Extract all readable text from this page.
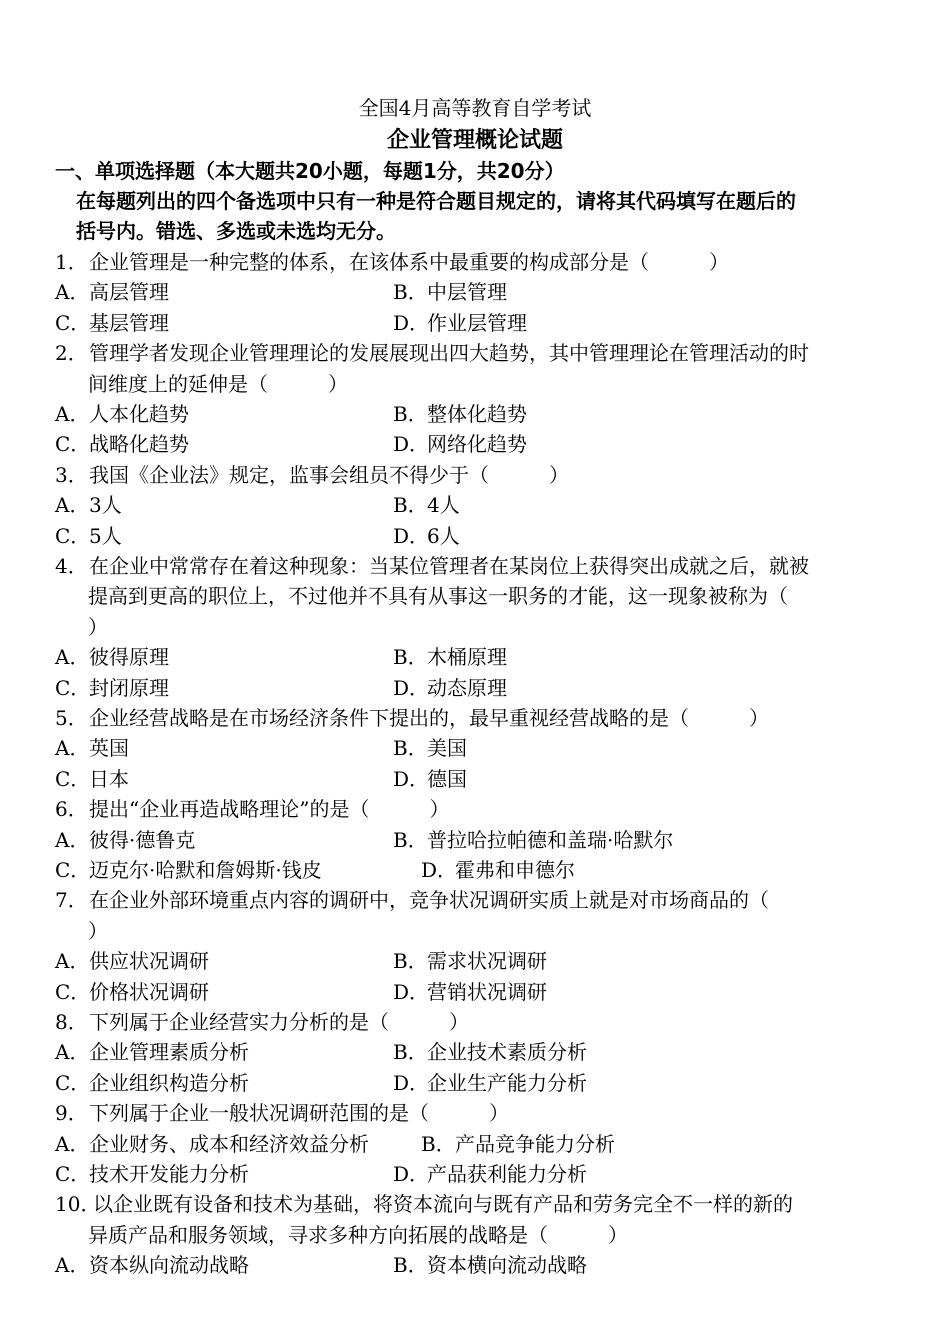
全国4月高等教育自学考试
企业管理概论试题
一、单项选择题（本大题共20小题，每题1分，共20分）
在每题列出的四个备选项中只有一种是符合题目规定的，请将其代码填写在题后的
括号内。错选、多选或未选均无分。
1．企业管理是一种完整的体系，在该体系中最重要的构成部分是（　　　）
A．高层管理	B．中层管理
C．基层管理	D．作业层管理
2．管理学者发现企业管理理论的发展展现出四大趋势，其中管理理论在管理活动的时
间维度上的延伸是（　　　）
A．人本化趋势	B．整体化趋势
C．战略化趋势	D．网络化趋势
3．我国《企业法》规定，监事会组员不得少于（　　　）
A．3人	B．4人
C．5人	D．6人
4．在企业中常常存在着这种现象：当某位管理者在某岗位上获得突出成就之后，就被
提高到更高的职位上，不过他并不具有从事这一职务的才能，这一现象被称为（
）
A．彼得原理	B．木桶原理
C．封闭原理	D．动态原理
5．企业经营战略是在市场经济条件下提出的，最早重视经营战略的是（　　　）
A．英国	B．美国
C．日本	D．德国
6．提出“企业再造战略理论”的是（　　　）
A．彼得·德鲁克	B．普拉哈拉帕德和盖瑞·哈默尔
C．迈克尔·哈默和詹姆斯·钱皮	D．霍弗和申德尔
7．在企业外部环境重点内容的调研中，竞争状况调研实质上就是对市场商品的（
）
A．供应状况调研	B．需求状况调研
C．价格状况调研	D．营销状况调研
8．下列属于企业经营实力分析的是（　　　）
A．企业管理素质分析	B．企业技术素质分析
C．企业组织构造分析	D．企业生产能力分析
9．下列属于企业一般状况调研范围的是（　　　）
A．企业财务、成本和经济效益分析	B．产品竞争能力分析
C．技术开发能力分析	D．产品获利能力分析
10．以企业既有设备和技术为基础，将资本流向与既有产品和劳务完全不一样的新的
异质产品和服务领域，寻求多种方向拓展的战略是（　　　）
A．资本纵向流动战略	B．资本横向流动战略
